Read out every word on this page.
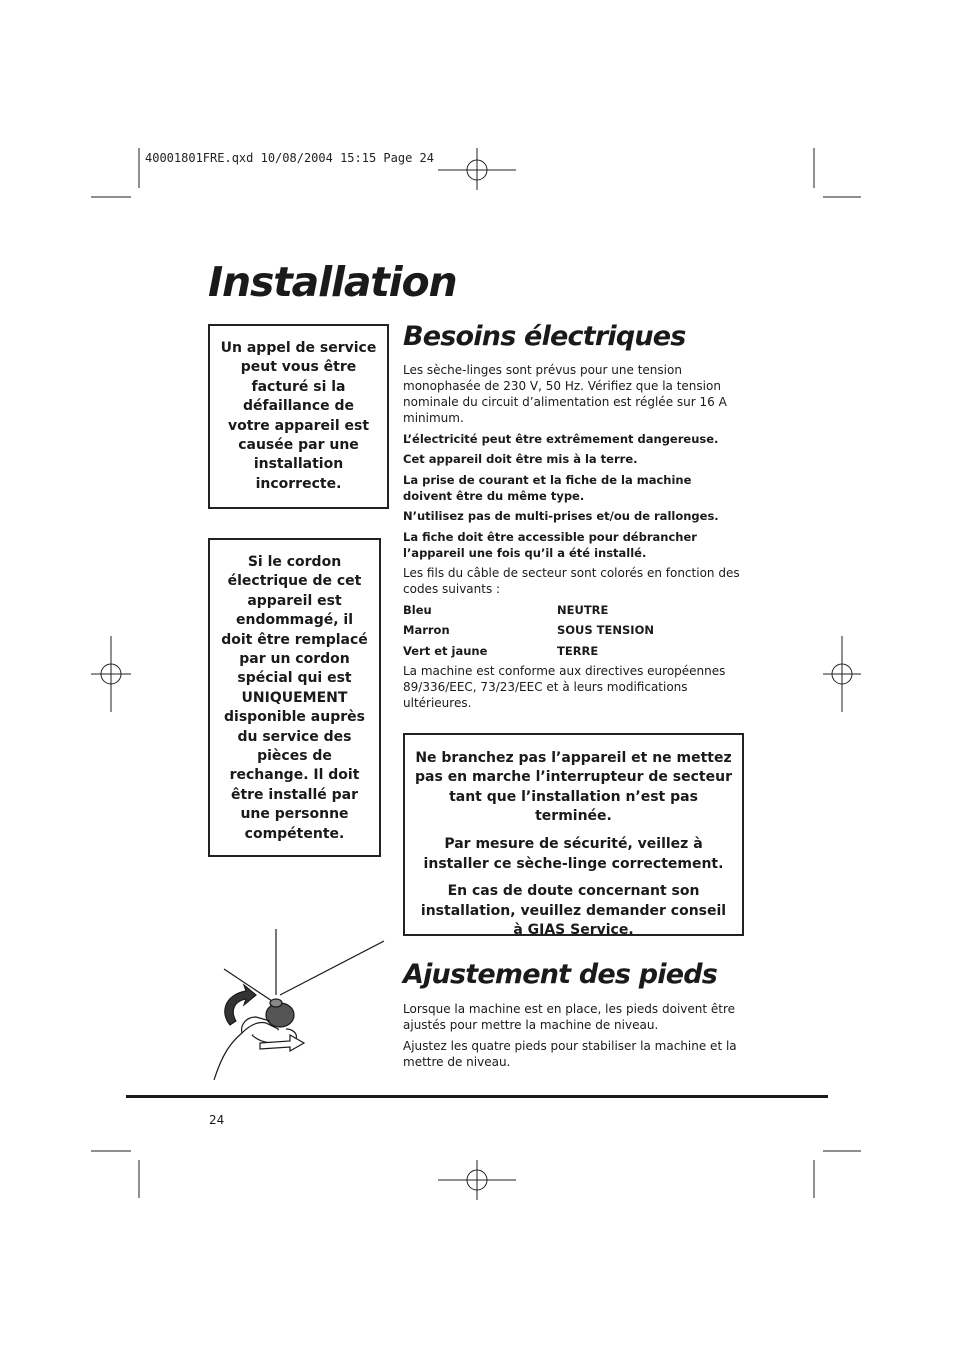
40001801FRE.qxd 10/08/2004 15:15 Page 24
Installation
Un appel de service
peut vous être
facturé si la
défaillance de
votre appareil est
causée par une
installation
incorrecte.
Si le cordon
électrique de cet
appareil est
endommagé, il
doit être remplacé
par un cordon
spécial qui est
UNIQUEMENT
disponible auprès
du service des
pièces de
rechange. Il doit
être installé par
une personne
compétente.
Besoins électriques

Les sèche-linges sont prévus pour une tension monophasée de 230 V, 50 Hz. Vérifiez que la tension nominale du circuit d’alimentation est réglée sur 16 A minimum.

L’électricité peut être extrêmement dangereuse.

Cet appareil doit être mis à la terre.

La prise de courant et la fiche de la machine doivent être du même type.

N’utilisez pas de multi-prises et/ou de rallonges.

La fiche doit être accessible pour débrancher l’appareil une fois qu’il a été installé.

Les fils du câble de secteur sont colorés en fonction des codes suivants :

Bleu	NEUTRE
Marron	SOUS TENSION
Vert et jaune	TERRE

La machine est conforme aux directives européennes 89/336/EEC, 73/23/EEC et à leurs modifications ultérieures.

Ne branchez pas l’appareil et ne mettez pas en marche l’interrupteur de secteur tant que l’installation n’est pas terminée.

Par mesure de sécurité, veillez à installer ce sèche-linge correctement.

En cas de doute concernant son installation, veuillez demander conseil à GIAS Service.

Ajustement des pieds

Lorsque la machine est en place, les pieds doivent être ajustés pour mettre la machine de niveau.

Ajustez les quatre pieds pour stabiliser la machine et la mettre de niveau.

24
